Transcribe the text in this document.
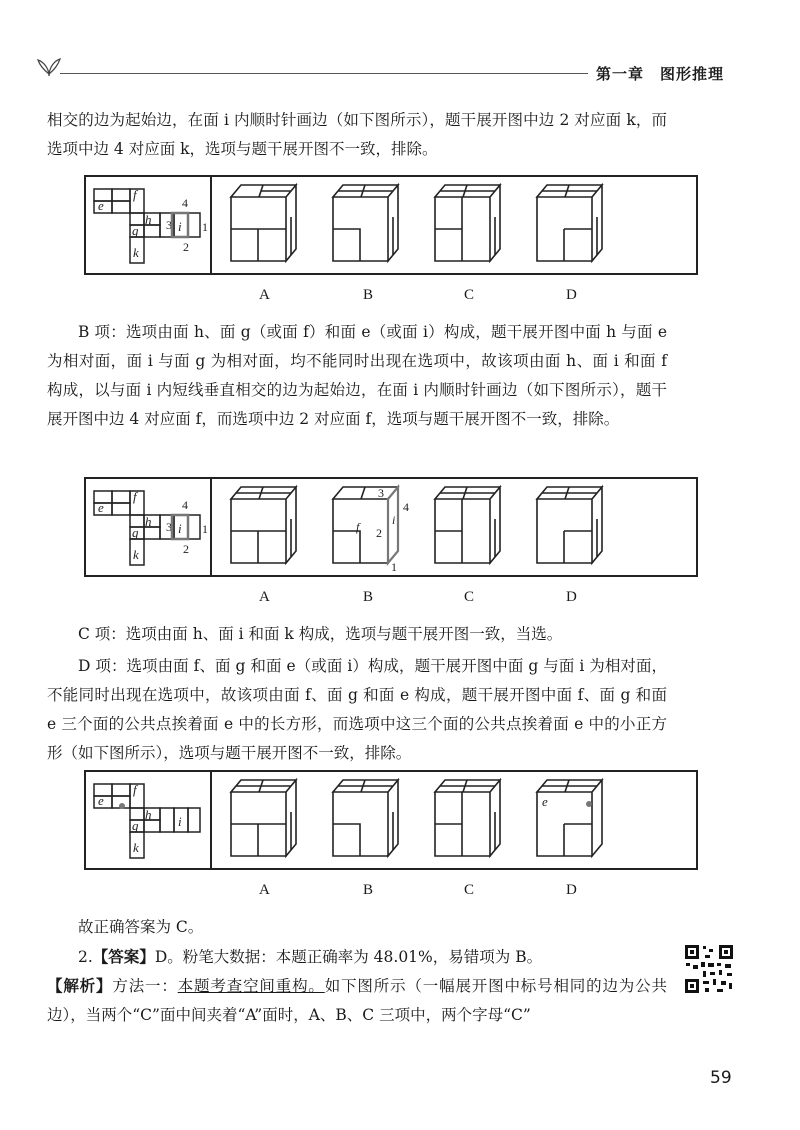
第一章　图形推理

相交的边为起始边，在面 i 内顺时针画边（如下图所示），题干展开图中边 2 对应面 k，而选项中边 4 对应面 k，选项与题干展开图不一致，排除。

e
f
h
g	i
k
4
1
2
3
A	B	C	D

B 项：选项由面 h、面 g（或面 f）和面 e（或面 i）构成，题干展开图中面 h 与面 e 为相对面，面 i 与面 g 为相对面，均不能同时出现在选项中，故该项由面 h、面 i 和面 f 构成，以与面 i 内短线垂直相交的边为起始边，在面 i 内顺时针画边（如下图所示），题干展开图中边 4 对应面 f，而选项中边 2 对应面 f，选项与题干展开图不一致，排除。

e
f
h
g	i
k
4
1
2
3	f 2
3
4
1
i
A	B	C	D

C 项：选项由面 h、面 i 和面 k 构成，选项与题干展开图一致，当选。

D 项：选项由面 f、面 g 和面 e（或面 i）构成，题干展开图中面 g 与面 i 为相对面，不能同时出现在选项中，故该项由面 f、面 g 和面 e 构成，题干展开图中面 f、面 g 和面 e 三个面的公共点挨着面 e 中的长方形，而选项中这三个面的公共点挨着面 e 中的小正方形（如下图所示），选项与题干展开图不一致，排除。

e
f
h
g	i
k
e
A	B	C	D

故正确答案为 C。

2.【答案】D。粉笔大数据：本题正确率为 48.01%，易错项为 B。

【解析】方法一：本题考查空间重构。如下图所示（一幅展开图中标号相同的边为公共边），当两个“C”面中间夹着“A”面时，A、B、C 三项中，两个字母“C”

59
